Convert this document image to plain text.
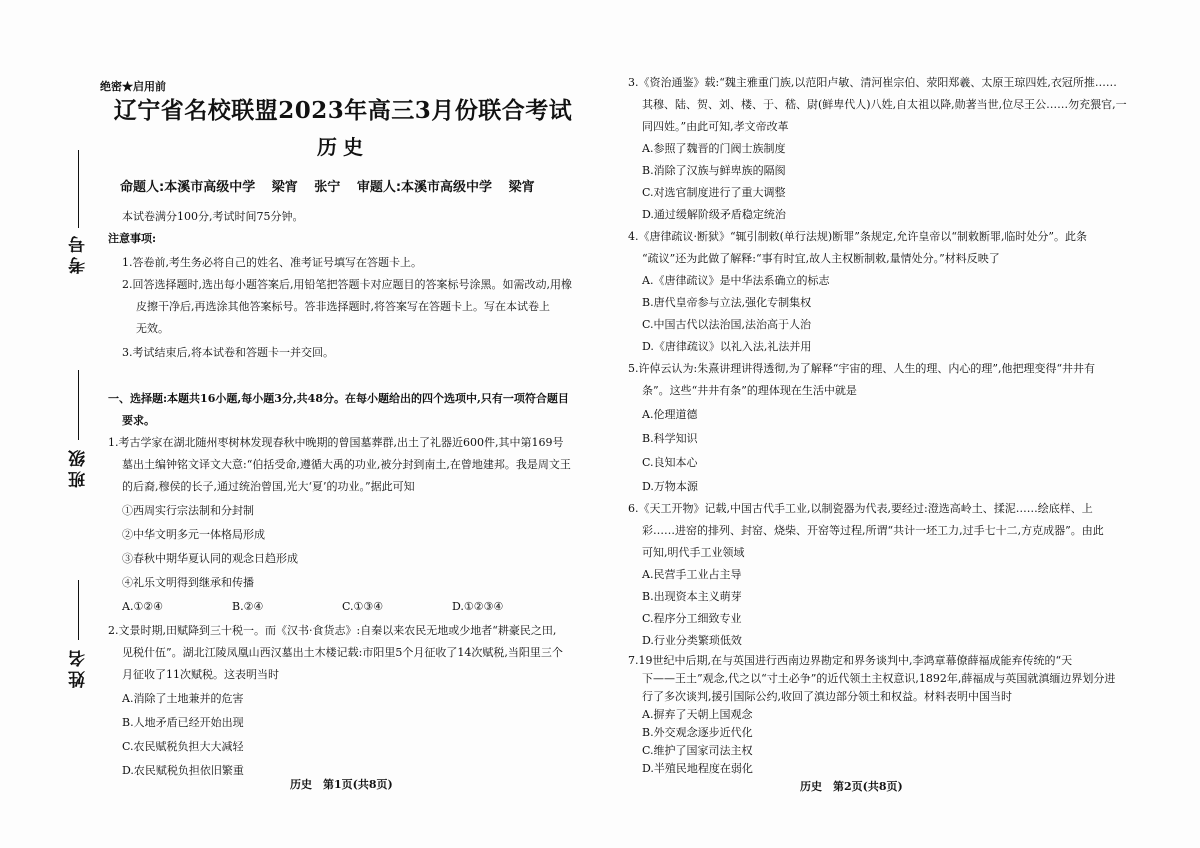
考号
班级
姓名
绝密★启用前
辽宁省名校联盟2023年高三3月份联合考试
历史
命题人:本溪市高级中学 梁宵 张宁 审题人:本溪市高级中学 梁宵
本试卷满分100分,考试时间75分钟。
注意事项:
1.答卷前,考生务必将自己的姓名、准考证号填写在答题卡上。
2.回答选择题时,选出每小题答案后,用铅笔把答题卡对应题目的答案标号涂黑。如需改动,用橡
皮擦干净后,再选涂其他答案标号。答非选择题时,将答案写在答题卡上。写在本试卷上
无效。
3.考试结束后,将本试卷和答题卡一并交回。
一、选择题:本题共16小题,每小题3分,共48分。在每小题给出的四个选项中,只有一项符合题目
要求。
1.考古学家在湖北随州枣树林发现春秋中晚期的曾国墓葬群,出土了礼器近600件,其中第169号
墓出土编钟铭文译文大意:“伯括受命,遵循大禹的功业,被分封到南土,在曾地建邦。我是周文王
的后裔,穆侯的长子,通过统治曾国,光大‘夏’的功业。”据此可知
①西周实行宗法制和分封制
②中华文明多元一体格局形成
③春秋中期华夏认同的观念日趋形成
④礼乐文明得到继承和传播
A.①②④	B.②④	C.①③④	D.①②③④
2.文景时期,田赋降到三十税一。而《汉书·食货志》:自秦以来农民无地或少地者“耕豪民之田,
见税什伍”。湖北江陵凤凰山西汉墓出土木楼记载:市阳里5个月征收了14次赋税,当阳里三个
月征收了11次赋税。这表明当时
A.消除了土地兼并的危害
B.人地矛盾已经开始出现
C.农民赋税负担大大减轻
D.农民赋税负担依旧繁重
历史　第1页(共8页)
3.《资治通鉴》载:“魏主雅重门族,以范阳卢敏、清河崔宗伯、荥阳郑羲、太原王琼四姓,衣冠所推……
其穆、陆、贺、刘、楼、于、嵇、尉(鲜卑代人)八姓,自太祖以降,勋著当世,位尽王公……勿充猥官,一
同四姓。”由此可知,孝文帝改革
A.参照了魏晋的门阀士族制度
B.消除了汉族与鲜卑族的隔阂
C.对选官制度进行了重大调整
D.通过缓解阶级矛盾稳定统治
4.《唐律疏议·断狱》“辄引制敕(单行法规)断罪”条规定,允许皇帝以“制敕断罪,临时处分”。此条
“疏议”还为此做了解释:“事有时宜,故人主权断制敕,量情处分。”材料反映了
A.《唐律疏议》是中华法系确立的标志
B.唐代皇帝参与立法,强化专制集权
C.中国古代以法治国,法治高于人治
D.《唐律疏议》以礼入法,礼法并用
5.许倬云认为:朱熹讲理讲得透彻,为了解释“宇宙的理、人生的理、内心的理”,他把理变得“井井有
条”。这些“井井有条”的理体现在生活中就是
A.伦理道德
B.科学知识
C.良知本心
D.万物本源
6.《天工开物》记载,中国古代手工业,以制瓷器为代表,要经过:澄选高岭土、揉泥……绘底样、上
彩……进窑的排列、封窑、烧柴、开窑等过程,所谓“共计一坯工力,过手七十二,方克成器”。由此
可知,明代手工业领域
A.民营手工业占主导
B.出现资本主义萌芽
C.程序分工细致专业
D.行业分类繁琐低效
7.19世纪中后期,在与英国进行西南边界勘定和界务谈判中,李鸿章幕僚薛福成能弃传统的“天
下——王土”观念,代之以“寸土必争”的近代领土主权意识,1892年,薛福成与英国就滇缅边界划分进
行了多次谈判,援引国际公约,收回了滇边部分领土和权益。材料表明中国当时
A.摒弃了天朝上国观念
B.外交观念逐步近代化
C.维护了国家司法主权
D.半殖民地程度在弱化
历史　第2页(共8页)
